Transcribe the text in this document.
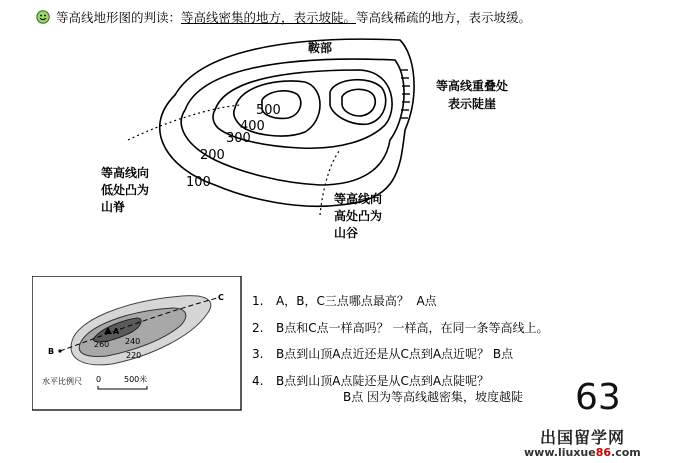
等高线地形图的判读： 等高线密集的地方，表示坡陡。 等高线稀疏的地方，表示坡缓。
500
400
300
200
100
鞍部
等高线重叠处
表示陡崖
等高线向
低处凸为
山脊
等高线向
高处凸为
山谷
A
B
C
260 240
220
水平比例尺 0	500米
1. A，B，C三点哪点最高？ A点
2. B点和C点一样高吗？ 一样高，在同一条等高线上。
3. B点到山顶A点近还是从C点到A点近呢？ B点
4. B点到山顶A点陡还是从C点到A点陡呢？
B点 因为等高线越密集，坡度越陡 63
出国留学网
www.liuxue86.com
